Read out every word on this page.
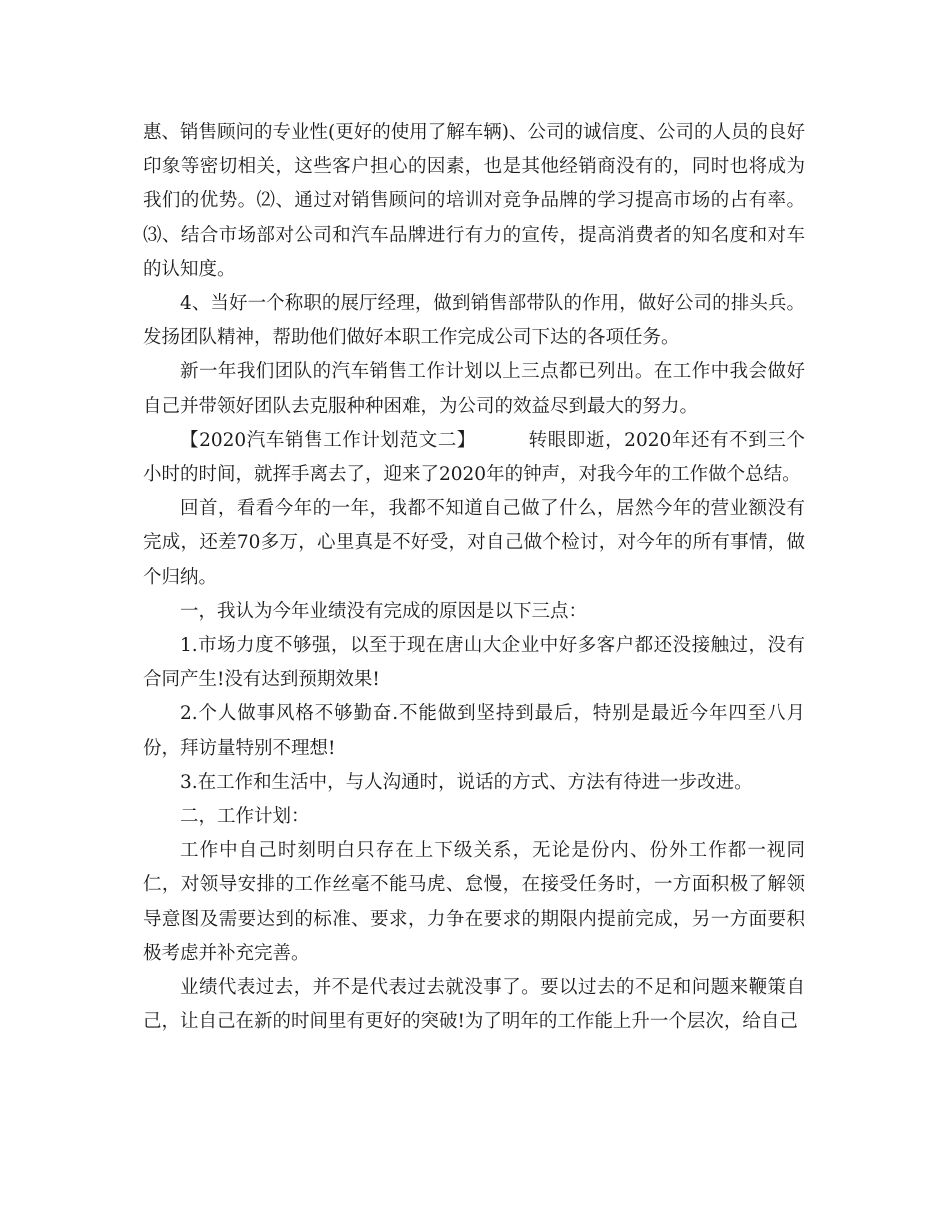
惠、销售顾问的专业性(更好的使用了解车辆)、公司的诚信度、公司的人员的良好印象等密切相关，这些客户担心的因素，也是其他经销商没有的，同时也将成为我们的优势。⑵、通过对销售顾问的培训对竞争品牌的学习提高市场的占有率。⑶、结合市场部对公司和汽车品牌进行有力的宣传，提高消费者的知名度和对车的认知度。

4、当好一个称职的展厅经理，做到销售部带队的作用，做好公司的排头兵。发扬团队精神，帮助他们做好本职工作完成公司下达的各项任务。

新一年我们团队的汽车销售工作计划以上三点都已列出。在工作中我会做好自己并带领好团队去克服种种困难，为公司的效益尽到最大的努力。

【2020汽车销售工作计划范文二】	转眼即逝，2020年还有不到三个小时的时间，就挥手离去了，迎来了2020年的钟声，对我今年的工作做个总结。

回首，看看今年的一年，我都不知道自己做了什么，居然今年的营业额没有完成，还差70多万，心里真是不好受，对自己做个检讨，对今年的所有事情，做个归纳。

一，我认为今年业绩没有完成的原因是以下三点：

1.市场力度不够强，以至于现在唐山大企业中好多客户都还没接触过，没有合同产生!没有达到预期效果!

2.个人做事风格不够勤奋.不能做到坚持到最后，特别是最近今年四至八月份，拜访量特别不理想!

3.在工作和生活中，与人沟通时，说话的方式、方法有待进一步改进。

二，工作计划：

工作中自己时刻明白只存在上下级关系，无论是份内、份外工作都一视同仁，对领导安排的工作丝毫不能马虎、怠慢，在接受任务时，一方面积极了解领导意图及需要达到的标准、要求，力争在要求的期限内提前完成，另一方面要积极考虑并补充完善。

业绩代表过去，并不是代表过去就没事了。要以过去的不足和问题来鞭策自己，让自己在新的时间里有更好的突破!为了明年的工作能上升一个层次，给自己
